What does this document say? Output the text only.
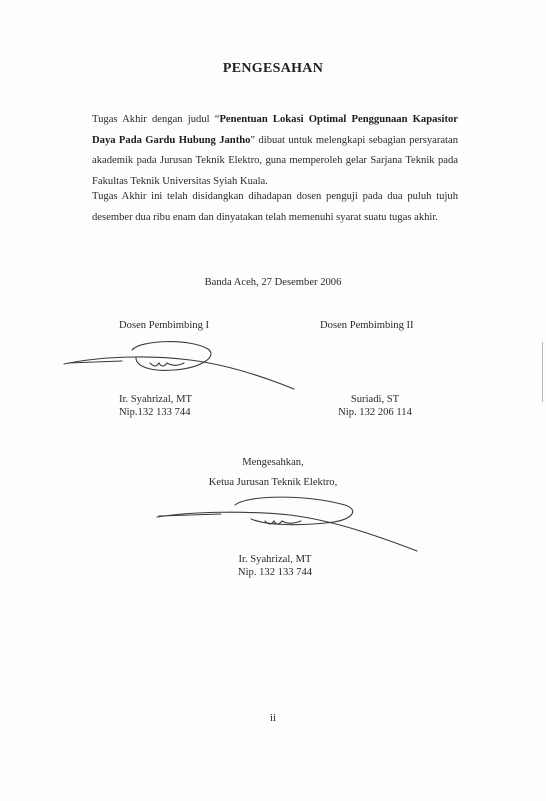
PENGESAHAN
Tugas Akhir dengan judul “Penentuan Lokasi Optimal Penggunaan Kapasitor Daya Pada Gardu Hubung Jantho” dibuat untuk melengkapi sebagian persyaratan akademik pada Jurusan Teknik Elektro, guna memperoleh gelar Sarjana Teknik pada Fakultas Teknik Universitas Syiah Kuala.
Tugas Akhir ini telah disidangkan dihadapan dosen penguji pada dua puluh tujuh desember dua ribu enam dan dinyatakan telah memenuhi syarat suatu tugas akhir.
Banda Aceh, 27 Desember 2006
Dosen Pembimbing I	Dosen Pembimbing II
Ir. Syahrizal, MT
Nip.132 133 744
Suriadi, ST
Nip. 132 206 114
Mengesahkan,
Ketua Jurusan Teknik Elektro,
Ir. Syahrizal, MT
Nip. 132 133 744
ii
